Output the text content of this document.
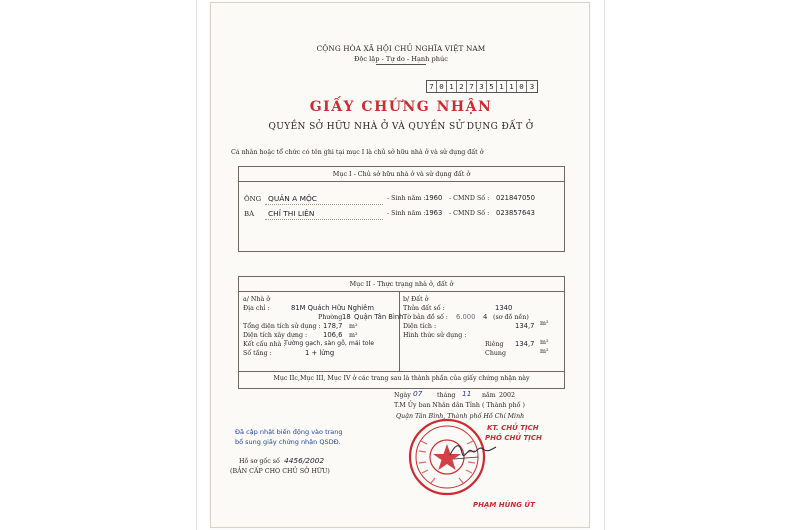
CỘNG HÒA XÃ HỘI CHỦ NGHĨA VIỆT NAM
Độc lập - Tự do - Hạnh phúc
7 0 1 2 7 3 5 1 1 0 3
GIẤY CHỨNG NHẬN
QUYỀN SỞ HỮU NHÀ Ở VÀ QUYỀN SỬ DỤNG ĐẤT Ở
Cá nhân hoặc tổ chức có tên ghi tại mục I là chủ sở hữu nhà ở và sử dụng đất ở
Mục I - Chủ sở hữu nhà ở và sử dụng đất ở
ÔNG QUẢN A MỘC	- Sinh năm : 1960 - CMND Số : 021847050
BÀ CHỈ THI LIÊN	- Sinh năm : 1963 - CMND Số : 023857643
Mục II - Thực trạng nhà ở, đất ở
a/ Nhà ở
Địa chỉ :	81M Quách Hữu Nghiêm
Phường 18 Quận Tân Bình
Tổng diện tích sử dụng : 178,7 m²
Diện tích xây dựng : 106,6 m²
Kết cấu nhà :
Tường gạch, sàn gỗ, mái tole
Số tầng :	1 + lửng
b/ Đất ở
Thửa đất số :	1340
Tờ bản đồ số : 6.000 4 (sơ đồ nền)
Diện tích :	134,7 m²
Hình thức sử dụng :
Riêng 134,7 m²
Chung	m²
Mục IIc,Mục III, Mục IV ở các trang sau là thành phần của giấy chứng nhận này
Ngày 07 tháng 11 năm 2002
T.M Ủy ban Nhân dân Tỉnh ( Thành phố )
Quận Tân Bình, Thành phố Hồ Chí Minh
KT. CHỦ TỊCH
PHÓ CHỦ TỊCH
PHẠM HÙNG ÚT
Đã cập nhật biến động vào trang
bổ sung giấy chứng nhận QSDĐ.
Hồ sơ gốc số 4456/2002
(BẢN CẤP CHO CHỦ SỞ HỮU)
